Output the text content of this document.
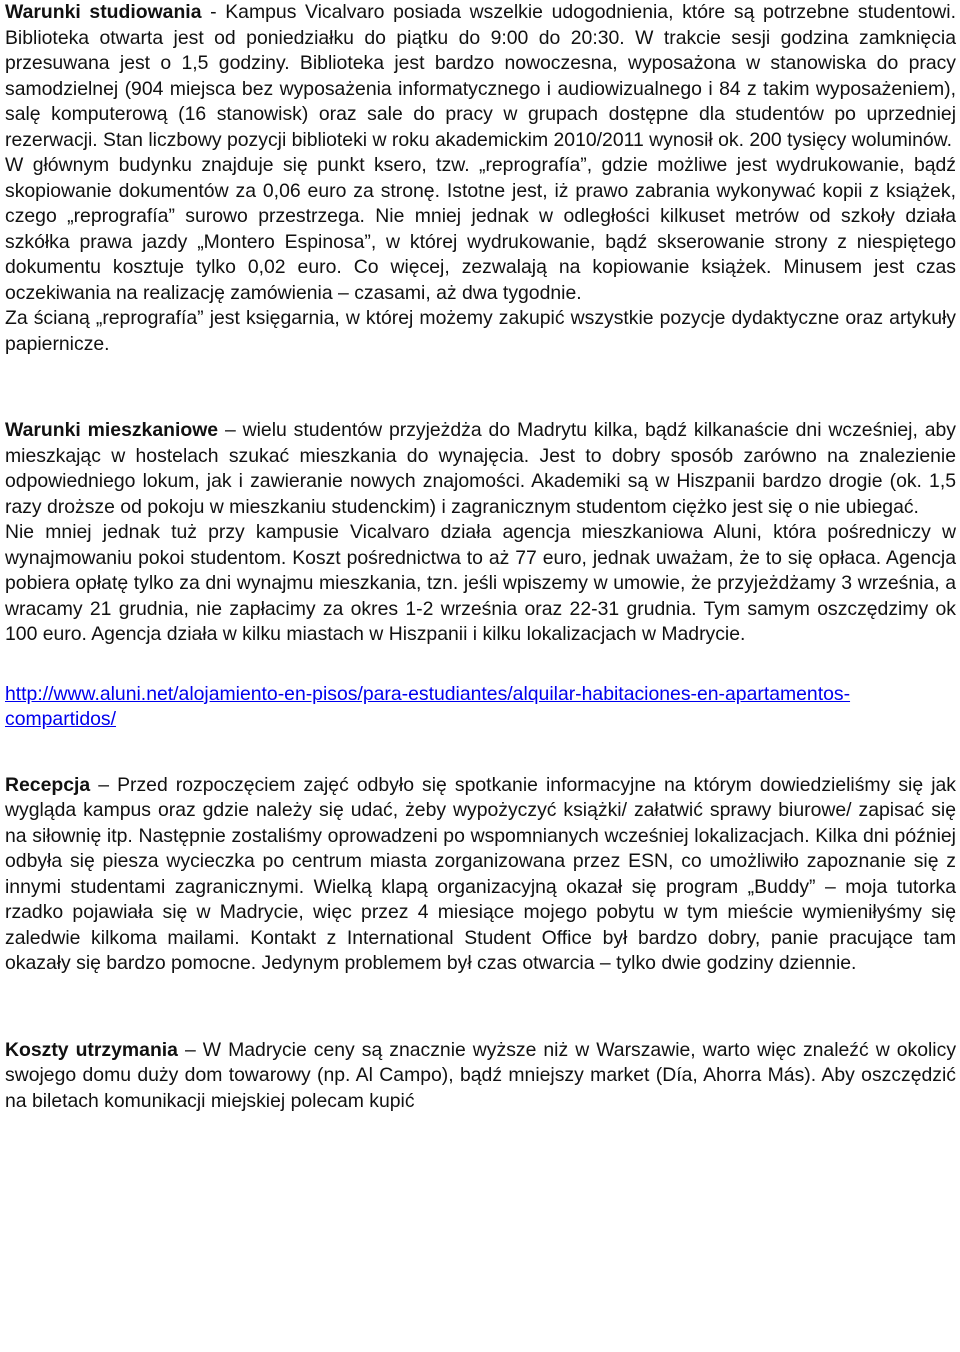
Warunki studiowania - Kampus Vicalvaro posiada wszelkie udogodnienia, które są potrzebne studentowi. Biblioteka otwarta jest od poniedziałku do piątku do 9:00 do 20:30. W trakcie sesji godzina zamknięcia przesuwana jest o 1,5 godziny. Biblioteka jest bardzo nowoczesna, wyposażona w stanowiska do pracy samodzielnej (904 miejsca bez wyposażenia informatycznego i audiowizualnego i 84 z takim wyposażeniem), salę komputerową (16 stanowisk) oraz sale do pracy w grupach dostępne dla studentów po uprzedniej rezerwacji. Stan liczbowy pozycji biblioteki w roku akademickim 2010/2011 wynosił ok. 200 tysięcy woluminów.

W głównym budynku znajduje się punkt ksero, tzw. „reprografía”, gdzie możliwe jest wydrukowanie, bądź skopiowanie dokumentów za 0,06 euro za stronę. Istotne jest, iż prawo zabrania wykonywać kopii z książek, czego „reprografía” surowo przestrzega. Nie mniej jednak w odległości kilkuset metrów od szkoły działa szkółka prawa jazdy „Montero Espinosa”, w której wydrukowanie, bądź skserowanie strony z niespiętego dokumentu kosztuje tylko 0,02 euro. Co więcej, zezwalają na kopiowanie książek. Minusem jest czas oczekiwania na realizację zamówienia – czasami, aż dwa tygodnie.

Za ścianą „reprografía” jest księgarnia, w której możemy zakupić wszystkie pozycje dydaktyczne oraz artykuły papiernicze.

Warunki mieszkaniowe – wielu studentów przyjeżdża do Madrytu kilka, bądź kilkanaście dni wcześniej, aby mieszkając w hostelach szukać mieszkania do wynajęcia. Jest to dobry sposób zarówno na znalezienie odpowiedniego lokum, jak i zawieranie nowych znajomości. Akademiki są w Hiszpanii bardzo drogie (ok. 1,5 razy droższe od pokoju w mieszkaniu studenckim) i zagranicznym studentom ciężko jest się o nie ubiegać.

Nie mniej jednak tuż przy kampusie Vicalvaro działa agencja mieszkaniowa Aluni, która pośredniczy w wynajmowaniu pokoi studentom. Koszt pośrednictwa to aż 77 euro, jednak uważam, że to się opłaca. Agencja pobiera opłatę tylko za dni wynajmu mieszkania, tzn. jeśli wpiszemy w umowie, że przyjeżdżamy 3 września, a wracamy 21 grudnia, nie zapłacimy za okres 1-2 września oraz 22-31 grudnia. Tym samym oszczędzimy ok 100 euro. Agencja działa w kilku miastach w Hiszpanii i kilku lokalizacjach w Madrycie.

http://www.aluni.net/alojamiento-en-pisos/para-estudiantes/alquilar-habitaciones-en-apartamentos-compartidos/

Recepcja – Przed rozpoczęciem zajęć odbyło się spotkanie informacyjne na którym dowiedzieliśmy się jak wygląda kampus oraz gdzie należy się udać, żeby wypożyczyć książki/ załatwić sprawy biurowe/ zapisać się na siłownię itp. Następnie zostaliśmy oprowadzeni po wspomnianych wcześniej lokalizacjach. Kilka dni później odbyła się piesza wycieczka po centrum miasta zorganizowana przez ESN, co umożliwiło zapoznanie się z innymi studentami zagranicznymi. Wielką klapą organizacyjną okazał się program „Buddy” – moja tutorka rzadko pojawiała się w Madrycie, więc przez 4 miesiące mojego pobytu w tym mieście wymieniłyśmy się zaledwie kilkoma mailami. Kontakt z International Student Office był bardzo dobry, panie pracujące tam okazały się bardzo pomocne. Jedynym problemem był czas otwarcia – tylko dwie godziny dziennie.

Koszty utrzymania – W Madrycie ceny są znacznie wyższe niż w Warszawie, warto więc znaleźć w okolicy swojego domu duży dom towarowy (np. Al Campo), bądź mniejszy market (Día, Ahorra Más). Aby oszczędzić na biletach komunikacji miejskiej polecam kupić
